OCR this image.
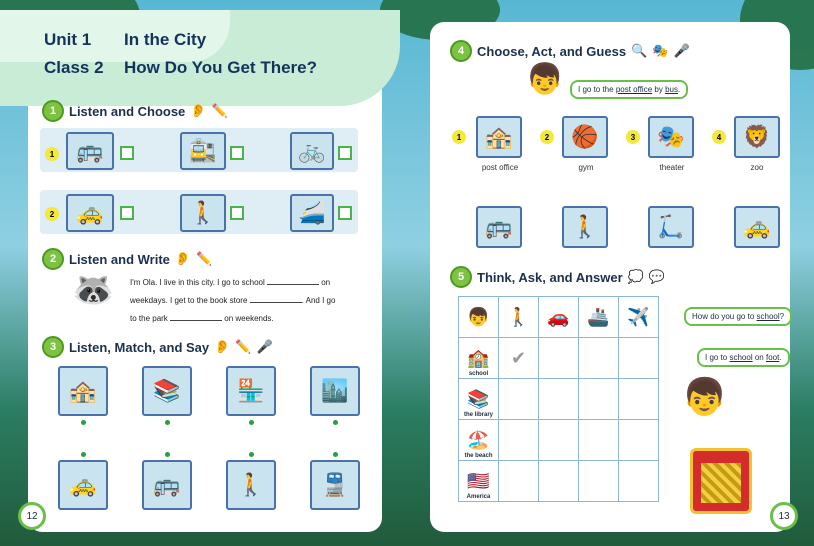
Unit 1 In the City
Class 2 How Do You Get There?
1 Listen and Choose 👂 ✏️
1	🚌	🚉	🚲
2	🚕	🚶	🚄
2 Listen and Write 👂 ✏️
🦝 I'm Ola. I live in this city. I go to school	on
weekdays. I get to the book store	. And I go
to the park	on weekends.
3 Listen, Match, and Say 👂 ✏️ 🎤
🏤	📚	🏪	🏙️
🚕	🚌	🚶	🚆
12
4 Choose, Act, and Guess 🔍 🎭 🎤
👦	I go to the post office by bus.
1	🏤
post office
2	🏀
gym
3	🎭
theater
4	🦁
zoo
🚌	🚶	🛴	🚕
5 Think, Ask, and Answer 💭 💬
👦	🚶	🚗	🚢	✈️
🏫
school	✔			
📚
the library				

🏖️
the beach				

🇺🇸
America				

How do you go to school?
I go to school on foot.
👦
13
